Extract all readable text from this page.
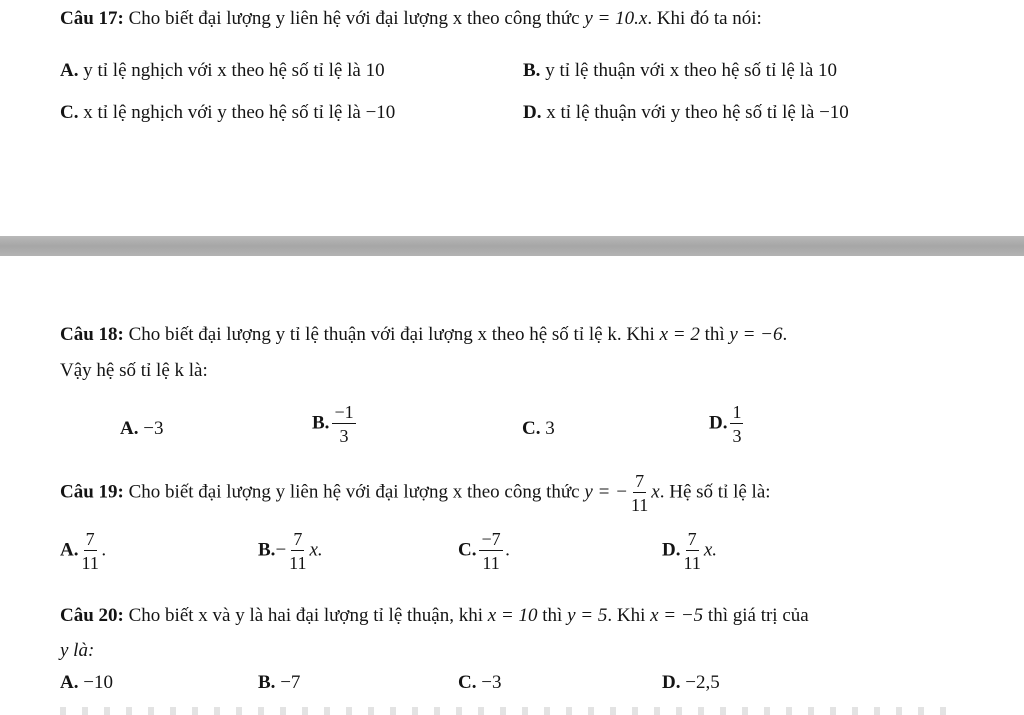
Câu 17: Cho biết đại lượng y liên hệ với đại lượng x theo công thức y = 10.x. Khi đó ta nói:
A. y tỉ lệ nghịch với x theo hệ số tỉ lệ là 10	B. y tỉ lệ thuận với x theo hệ số tỉ lệ là 10
C. x tỉ lệ nghịch với y theo hệ số tỉ lệ là −10	D. x tỉ lệ thuận với y theo hệ số tỉ lệ là −10
Câu 18: Cho biết đại lượng y tỉ lệ thuận với đại lượng x theo hệ số tỉ lệ k. Khi x = 2 thì y = −6.
Vậy hệ số tỉ lệ k là:
A. −3	B. $\frac{-1}{3}$	C. 3	D. $\frac{1}{3}$
Câu 19: Cho biết đại lượng y liên hệ với đại lượng x theo công thức y = − $\frac{7}{11} x$. Hệ số tỉ lệ là:
A. $\frac{7}{11}$ .	$B.- \frac{7}{11} x$.	C. $\frac{-7}{11}$ .	D. $\frac{7}{11} x$.
Câu 20: Cho biết x và y là hai đại lượng tỉ lệ thuận, khi x = 10 thì y = 5. Khi x = −5 thì giá trị của
y là:
A. −10	B. −7	C. −3	D. −2,5
